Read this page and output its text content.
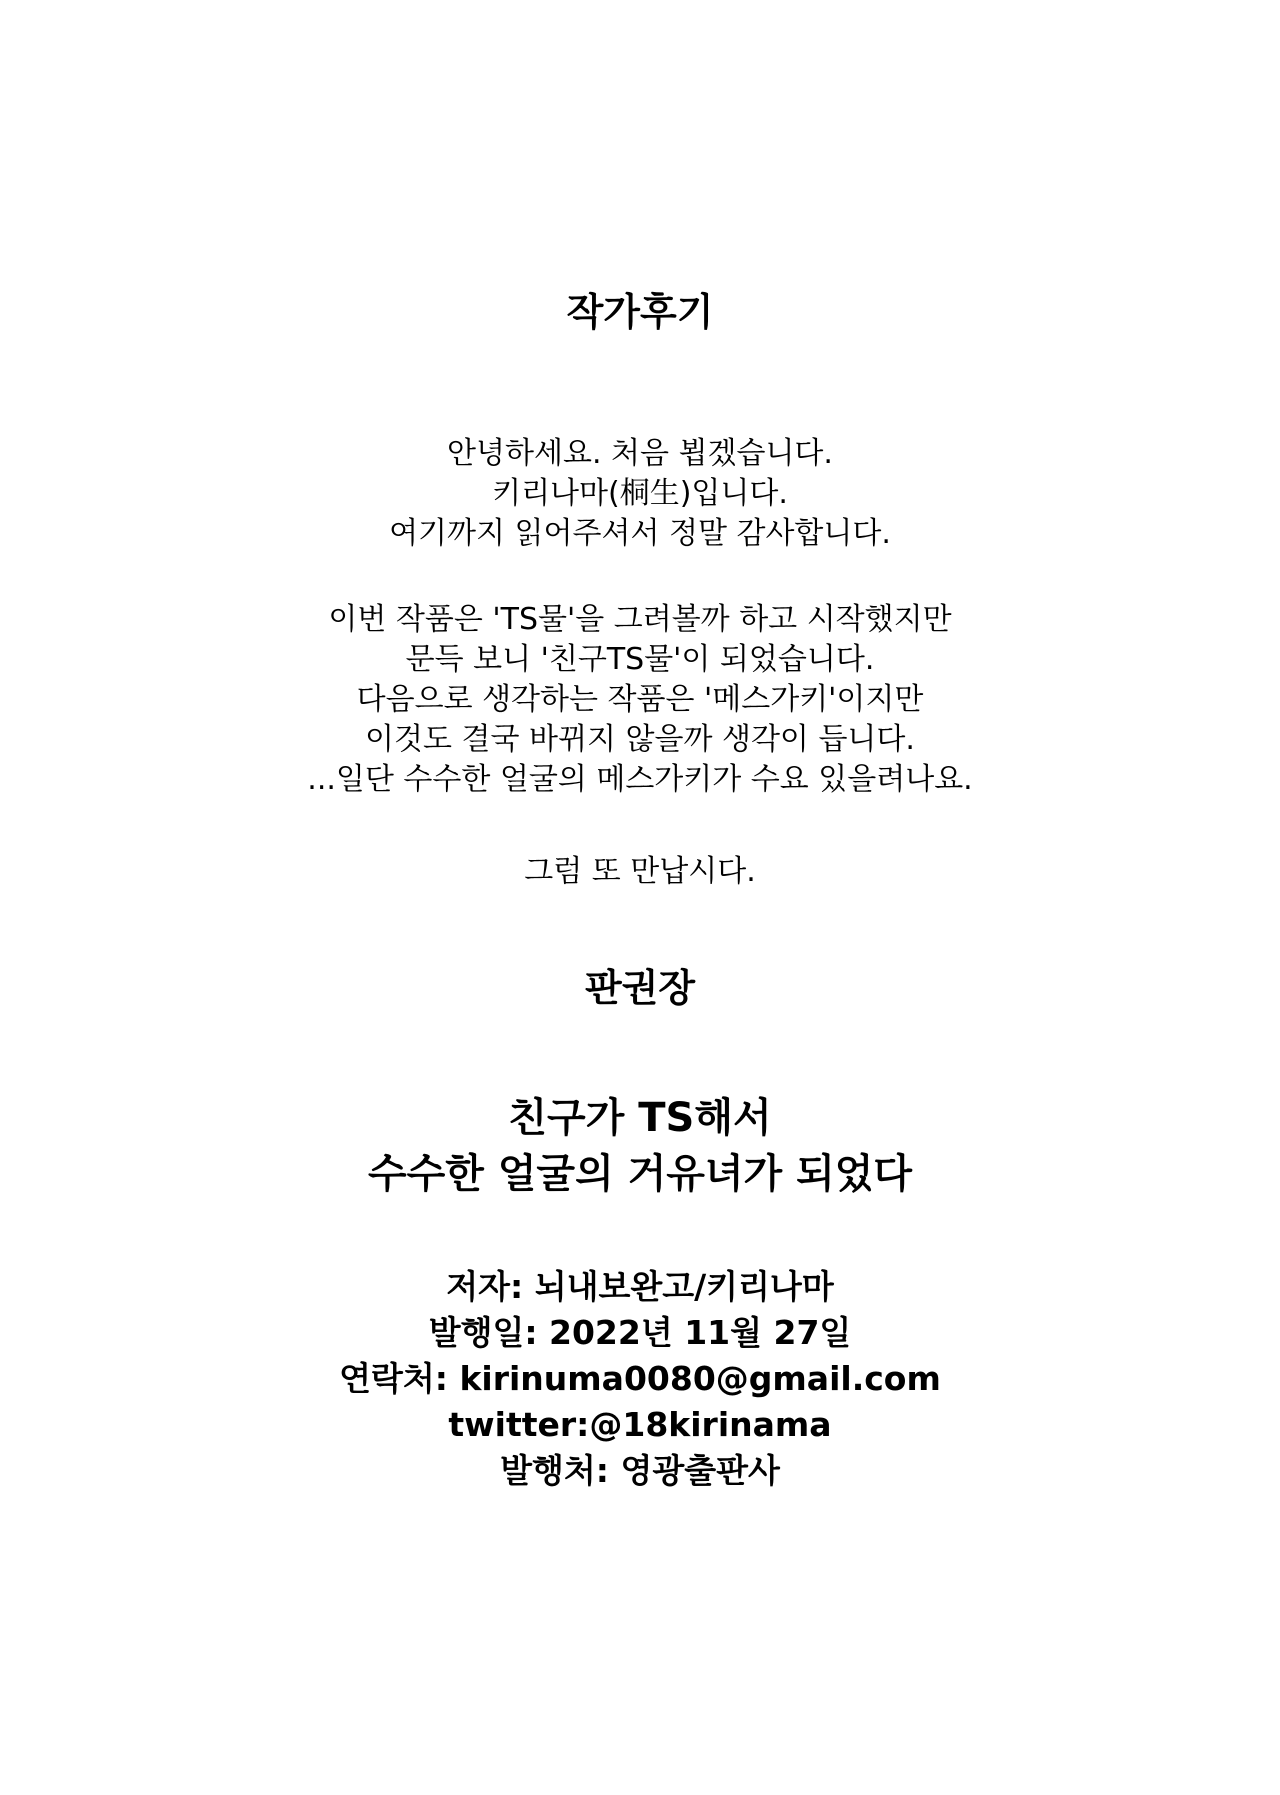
작가후기
안녕하세요. 처음 뵙겠습니다.
키리나마(桐生)입니다.
여기까지 읽어주셔서 정말 감사합니다.
이번 작품은 'TS물'을 그려볼까 하고 시작했지만
문득 보니 '친구TS물'이 되었습니다.
다음으로 생각하는 작품은 '메스가키'이지만
이것도 결국 바뀌지 않을까 생각이 듭니다.
...일단 수수한 얼굴의 메스가키가 수요 있을려나요.
그럼 또 만납시다.
판권장
친구가 TS해서
수수한 얼굴의 거유녀가 되었다
저자: 뇌내보완고/키리나마
발행일: 2022년 11월 27일
연락처: kirinuma0080@gmail.com
twitter:@18kirinama
발행처: 영광출판사
